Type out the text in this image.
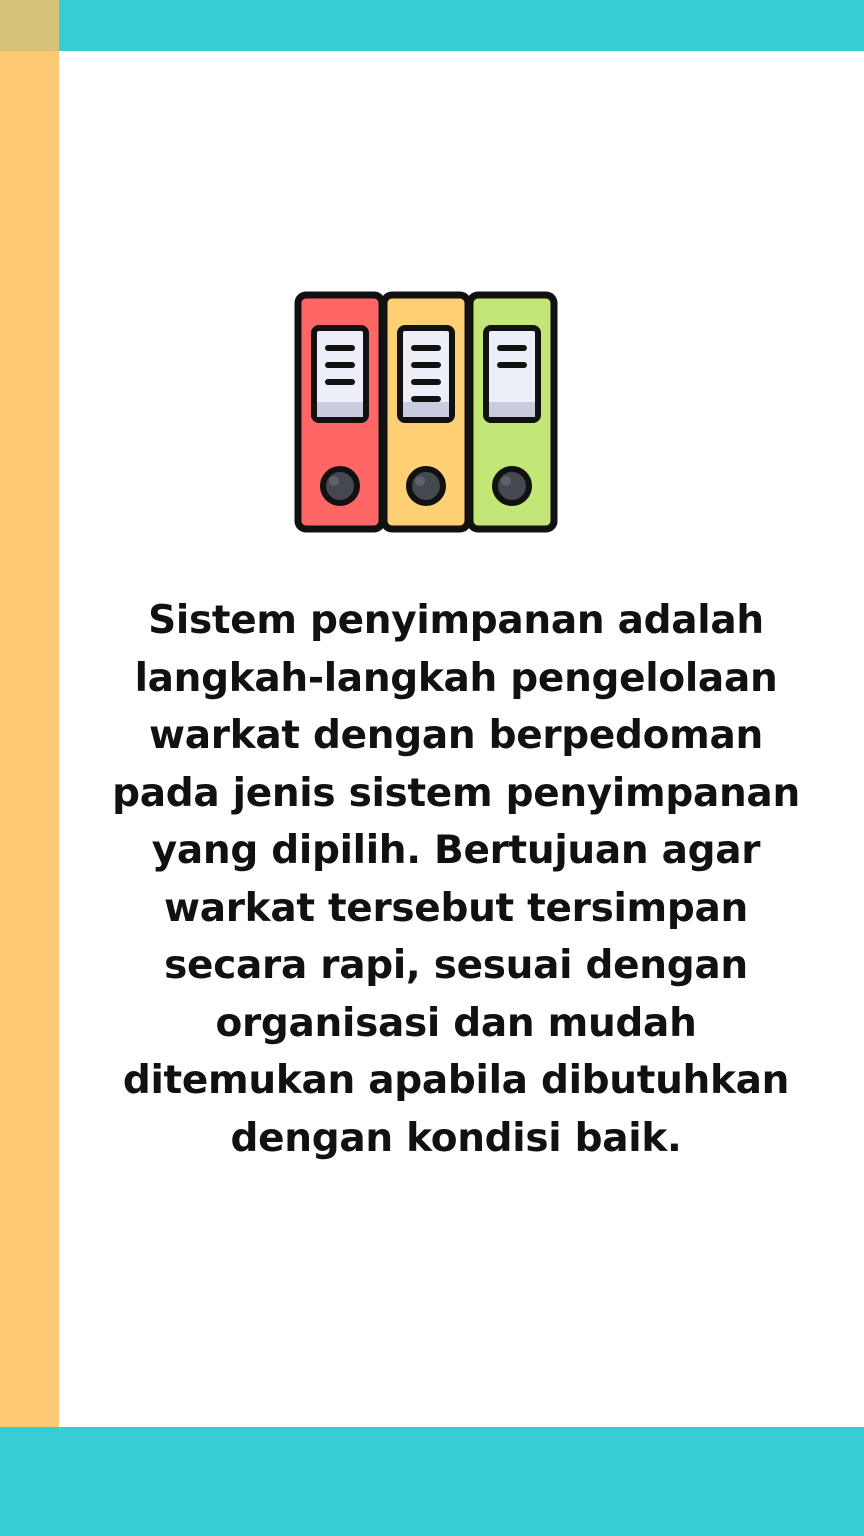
Sistem penyimpanan adalah langkah-langkah pengelolaan warkat dengan berpedoman pada jenis sistem penyimpanan yang dipilih. Bertujuan agar warkat tersebut tersimpan secara rapi, sesuai dengan organisasi dan mudah ditemukan apabila dibutuhkan dengan kondisi baik.
